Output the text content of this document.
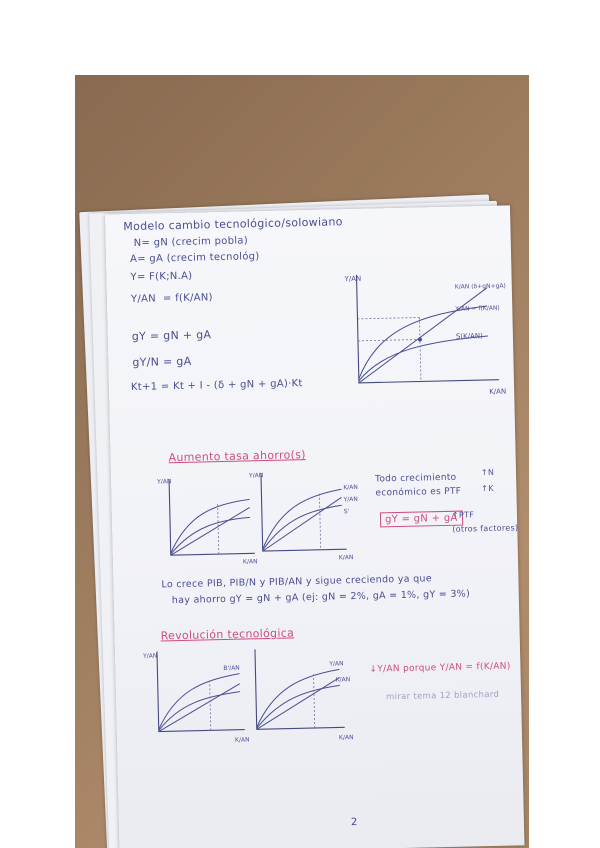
Modelo cambio tecnológico/solowiano
N= gN (crecim pobla)
A= gA (crecim tecnológ)
Y= F(K;N.A)
Y/AN = f(K/AN)
gY = gN + gA
gY/N = gA
Kt+1 = Kt + I - (δ + gN + gA)·Kt
Y/AN
K/AN
K/AN (δ+gN+gA)
Y/AN = f(K/AN)
S(K/AN)
Aumento tasa ahorro(s)
Y/AN
K/AN
Y/AN
K/AN
K/AN
Y/AN
S'
Todo crecimiento
económico es PTF
↑N
↑K
gY = gN + gA
↑PTF
(otros factores)
Lo crece PIB, PIB/N y PIB/AN y sigue creciendo ya que
hay ahorro gY = gN + gA (ej: gN = 2%, gA = 1%, gY = 3%)
Revolución tecnológica
Y/AN
K/AN
B'/AN
K/AN
Y/AN
K/AN
↓Y/AN porque Y/AN = f(K/AN)
mirar tema 12 blanchard
2
